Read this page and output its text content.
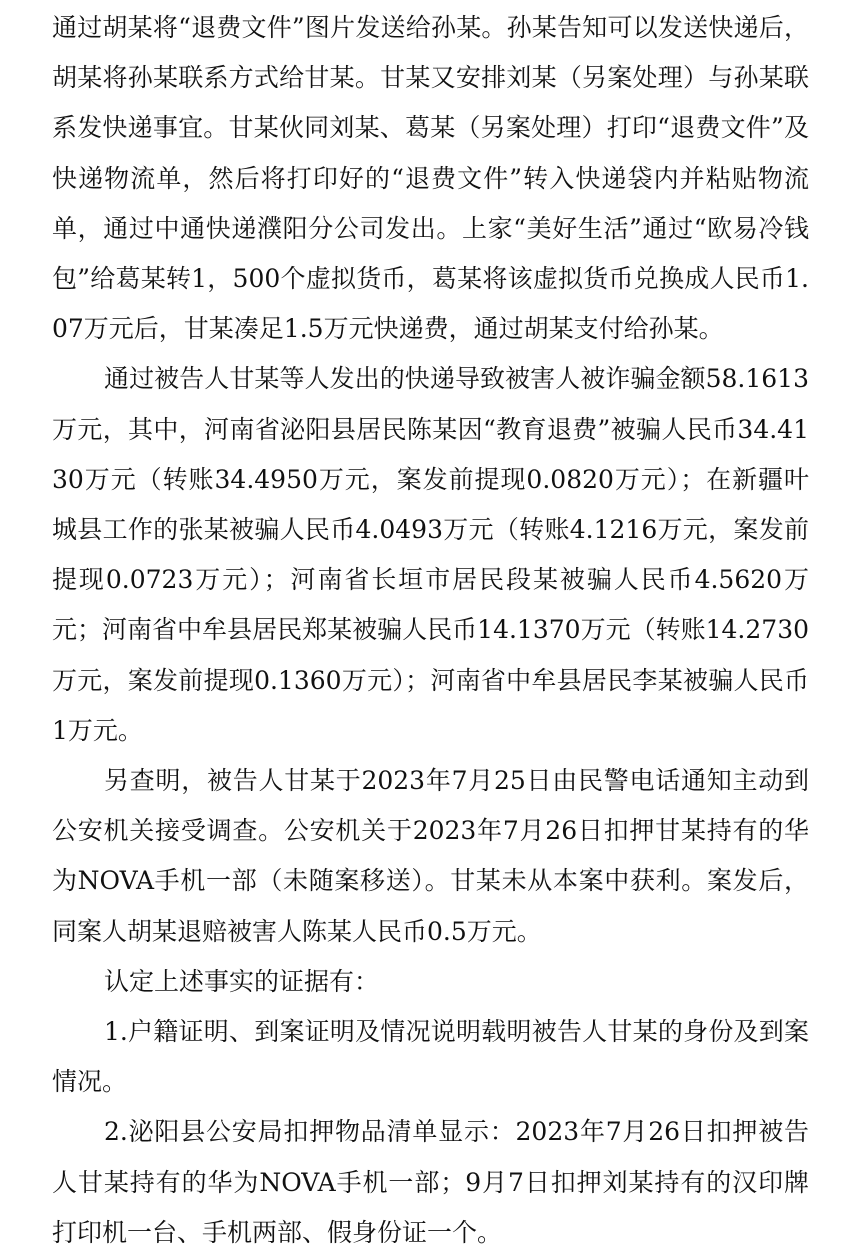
通过胡某将“退费文件”图片发送给孙某。孙某告知可以发送快递后，胡某将孙某联系方式给甘某。甘某又安排刘某（另案处理）与孙某联系发快递事宜。甘某伙同刘某、葛某（另案处理）打印“退费文件”及快递物流单，然后将打印好的“退费文件”转入快递袋内并粘贴物流单，通过中通快递濮阳分公司发出。上家“美好生活”通过“欧易冷钱包”给葛某转1，500个虚拟货币，葛某将该虚拟货币兑换成人民币1.07万元后，甘某凑足1.5万元快递费，通过胡某支付给孙某。

通过被告人甘某等人发出的快递导致被害人被诈骗金额58.1613万元，其中，河南省泌阳县居民陈某因“教育退费”被骗人民币34.4130万元（转账34.4950万元，案发前提现0.0820万元）；在新疆叶城县工作的张某被骗人民币4.0493万元（转账4.1216万元，案发前提现0.0723万元）；河南省长垣市居民段某被骗人民币4.5620万元；河南省中牟县居民郑某被骗人民币14.1370万元（转账14.2730万元，案发前提现0.1360万元）；河南省中牟县居民李某被骗人民币1万元。

另查明，被告人甘某于2023年7月25日由民警电话通知主动到公安机关接受调查。公安机关于2023年7月26日扣押甘某持有的华为NOVA手机一部（未随案移送）。甘某未从本案中获利。案发后，同案人胡某退赔被害人陈某人民币0.5万元。

认定上述事实的证据有：

1.户籍证明、到案证明及情况说明载明被告人甘某的身份及到案情况。

2.泌阳县公安局扣押物品清单显示：2023年7月26日扣押被告人甘某持有的华为NOVA手机一部；9月7日扣押刘某持有的汉印牌打印机一台、手机两部、假身份证一个。
